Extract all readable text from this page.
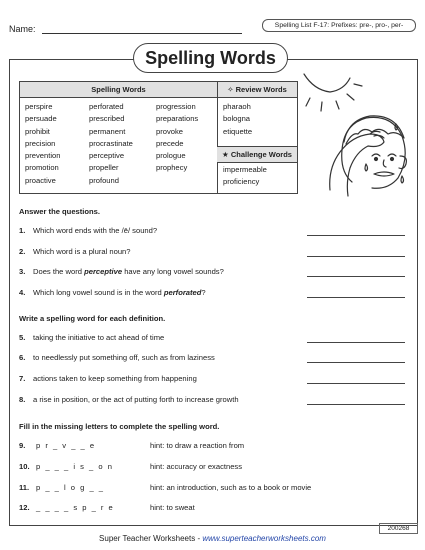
Name:	Spelling List F-17: Prefixes: pre-, pro-, per-
Spelling Words
Spelling Words	✧ Review Words
perspire
persuade
prohibit
precision
prevention
promotion
proactive
perforated
prescribed
permanent
procrastinate
perceptive
propeller
profound
progression
preparations
provoke
precede
prologue
prophecy
pharaoh
bologna
etiquette
★ Challenge Words
impermeable
proficiency
Answer the questions.
1. Which word ends with the /ē/ sound?
2. Which word is a plural noun?
3. Does the word perceptive have any long vowel sounds?
4. Which long vowel sound is in the word perforated?
Write a spelling word for each definition.
5. taking the initiative to act ahead of time
6. to needlessly put something off, such as from laziness
7. actions taken to keep something from happening
8. a rise in position, or the act of putting forth to increase growth
Fill in the missing letters to complete the spelling word.
9. p r _ v _ _ e	hint: to draw a reaction from
10. p _ _ _ i s _ o n	hint: accuracy or exactness
11. p _ _ l o g _ _	hint: an introduction, such as to a book or movie
12. _ _ _ _ s p _ r e	hint: to sweat
200268
Super Teacher Worksheets - www.superteacherworksheets.com
